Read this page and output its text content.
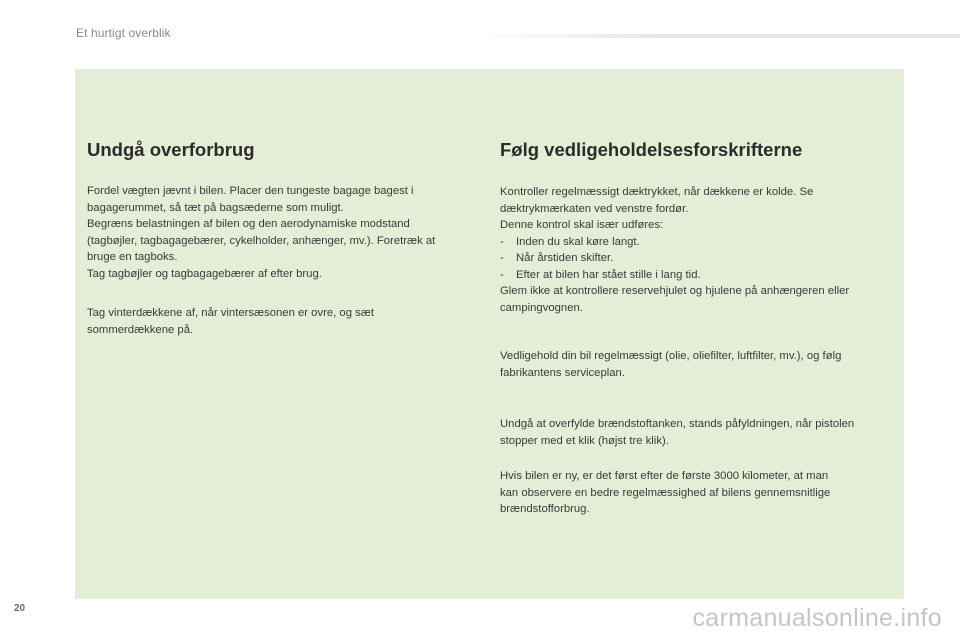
Et hurtigt overblik
Undgå overforbrug
Fordel vægten jævnt i bilen. Placer den tungeste bagage bagest i
bagagerummet, så tæt på bagsæderne som muligt.
Begræns belastningen af bilen og den aerodynamiske modstand
(tagbøjler, tagbagagebærer, cykelholder, anhænger, mv.). Foretræk at
bruge en tagboks.
Tag tagbøjler og tagbagagebærer af efter brug.
Tag vinterdækkene af, når vintersæsonen er ovre, og sæt
sommerdækkene på.
Følg vedligeholdelsesforskrifterne
Kontroller regelmæssigt dæktrykket, når dækkene er kolde. Se
dæktrykmærkaten ved venstre fordør.
Denne kontrol skal især udføres:
- Inden du skal køre langt.
- Når årstiden skifter.
- Efter at bilen har stået stille i lang tid.
Glem ikke at kontrollere reservehjulet og hjulene på anhængeren eller
campingvognen.
Vedligehold din bil regelmæssigt (olie, oliefilter, luftfilter, mv.), og følg
fabrikantens serviceplan.
Undgå at overfylde brændstoftanken, stands påfyldningen, når pistolen
stopper med et klik (højst tre klik).
Hvis bilen er ny, er det først efter de første 3000 kilometer, at man
kan observere en bedre regelmæssighed af bilens gennemsnitlige
brændstofforbrug.
20	carmanualsonline.info
